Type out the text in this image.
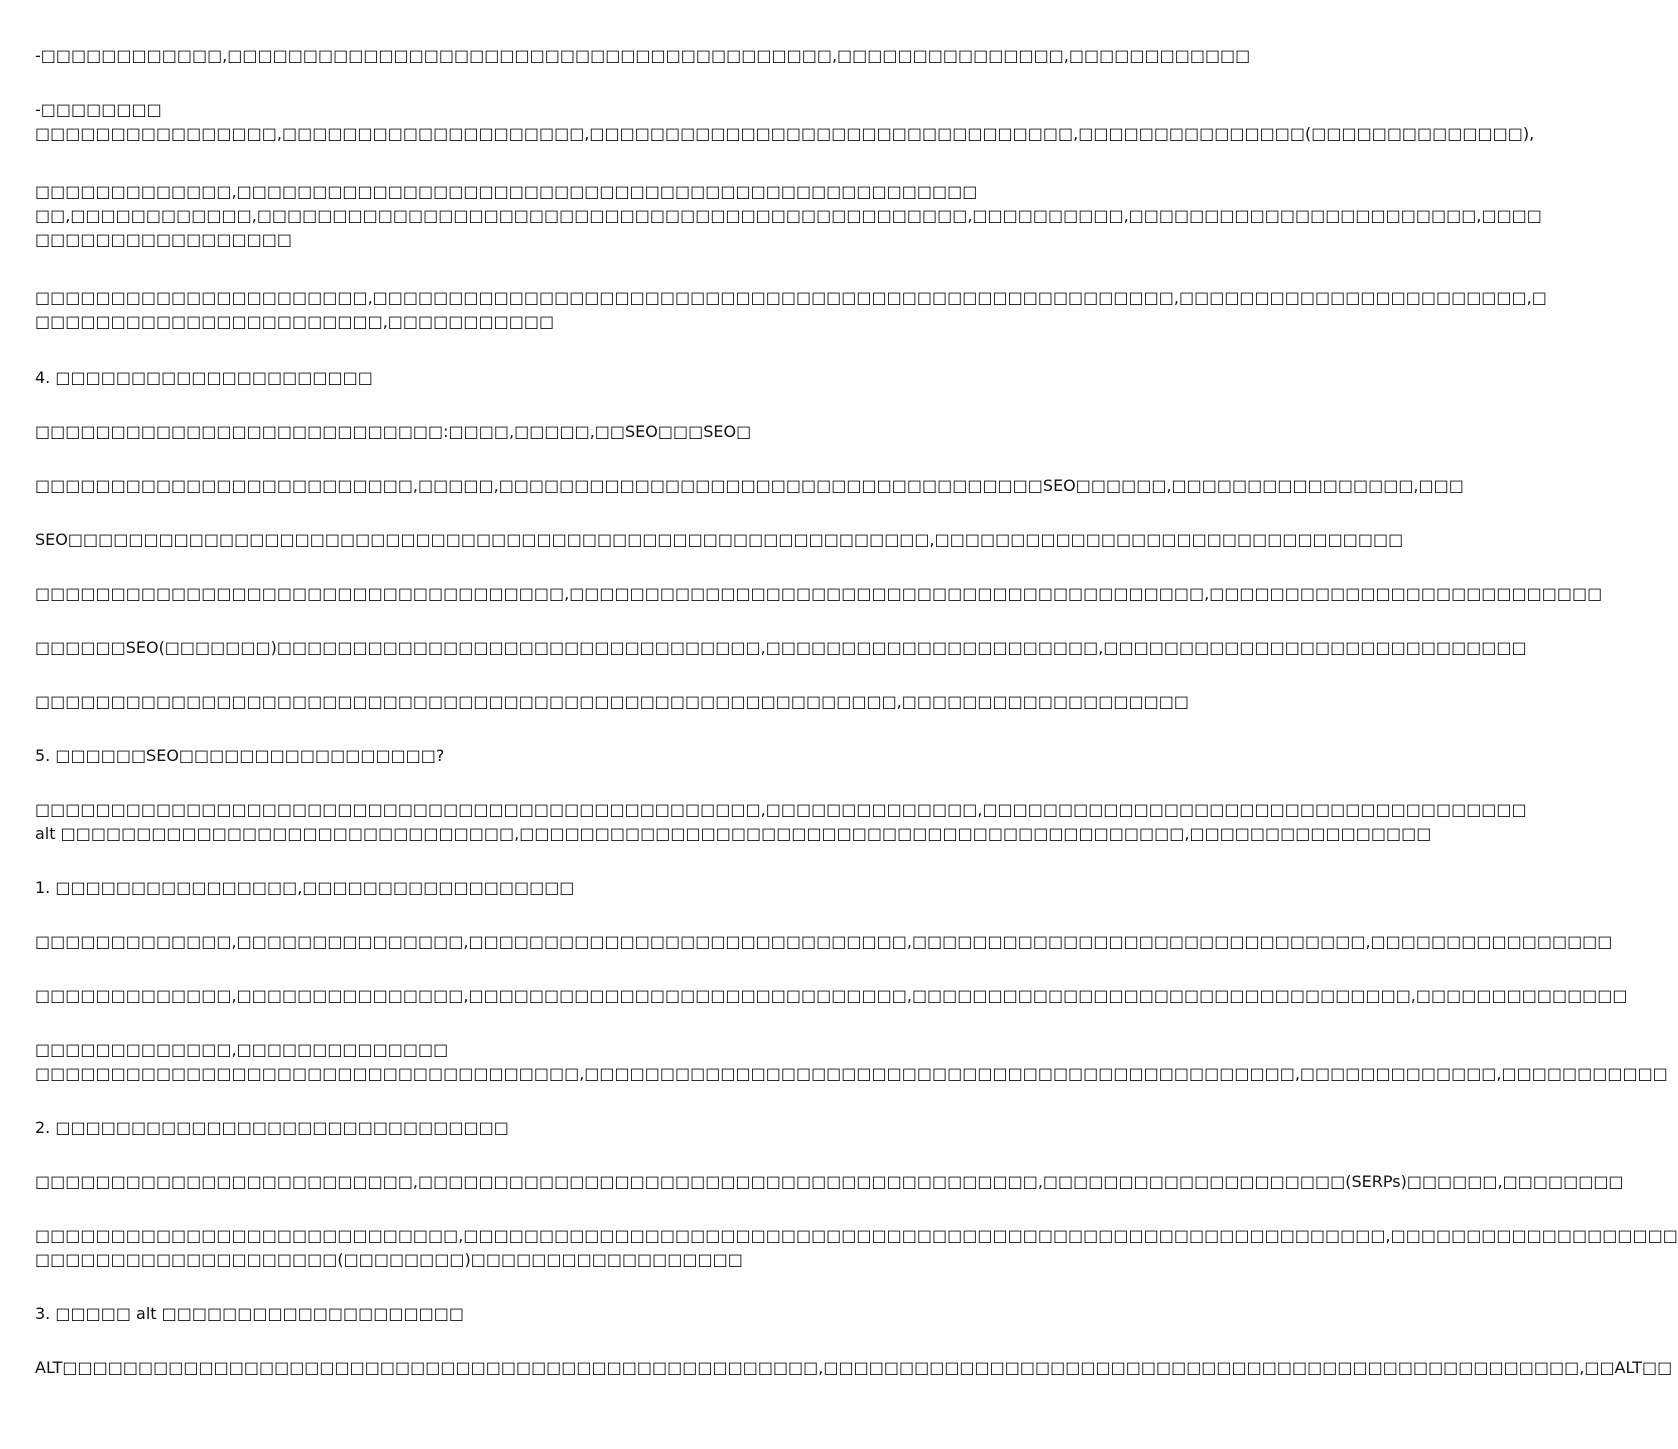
-□□□□□□□□□□□□,□□□□□□□□□□□□□□□□□□□□□□□□□□□□□□□□□□□□□□□□,□□□□□□□□□□□□□□□,□□□□□□□□□□□□
-□□□□□□□□
□□□□□□□□□□□□□□□□,□□□□□□□□□□□□□□□□□□□□,□□□□□□□□□□□□□□□□□□□□□□□□□□□□□□□□,□□□□□□□□□□□□□□□(□□□□□□□□□□□□□□),
□□□□□□□□□□□□□,□□□□□□□□□□□□□□□□□□□□□□□□□□□□□□□□□□□□□□□□□□□□□□□□□
□□,□□□□□□□□□□□□,□□□□□□□□□□□□□□□□□□□□□□□□□□□□□□□□□□□□□□□□□□□□□□□,□□□□□□□□□□,□□□□□□□□□□□□□□□□□□□□□□□,□□□□
□□□□□□□□□□□□□□□□□
□□□□□□□□□□□□□□□□□□□□□□,□□□□□□□□□□□□□□□□□□□□□□□□□□□□□□□□□□□□□□□□□□□□□□□□□□□□□,□□□□□□□□□□□□□□□□□□□□□□□,□
□□□□□□□□□□□□□□□□□□□□□□□,□□□□□□□□□□□
4. □□□□□□□□□□□□□□□□□□□□□
□□□□□□□□□□□□□□□□□□□□□□□□□□□:□□□□,□□□□□,□□SEO□□□SEO□
□□□□□□□□□□□□□□□□□□□□□□□□□,□□□□□,□□□□□□□□□□□□□□□□□□□□□□□□□□□□□□□□□□□□SEO□□□□□□,□□□□□□□□□□□□□□□□,□□□
SEO□□□□□□□□□□□□□□□□□□□□□□□□□□□□□□□□□□□□□□□□□□□□□□□□□□□□□□□□□,□□□□□□□□□□□□□□□□□□□□□□□□□□□□□□□
□□□□□□□□□□□□□□□□□□□□□□□□□□□□□□□□□□□,□□□□□□□□□□□□□□□□□□□□□□□□□□□□□□□□□□□□□□□□□□,□□□□□□□□□□□□□□□□□□□□□□□□□□
□□□□□□SEO(□□□□□□□)□□□□□□□□□□□□□□□□□□□□□□□□□□□□□□□□,□□□□□□□□□□□□□□□□□□□□□□,□□□□□□□□□□□□□□□□□□□□□□□□□□□□
□□□□□□□□□□□□□□□□□□□□□□□□□□□□□□□□□□□□□□□□□□□□□□□□□□□□□□□□□,□□□□□□□□□□□□□□□□□□□
5. □□□□□□SEO□□□□□□□□□□□□□□□□□?
□□□□□□□□□□□□□□□□□□□□□□□□□□□□□□□□□□□□□□□□□□□□□□□□,□□□□□□□□□□□□□□,□□□□□□□□□□□□□□□□□□□□□□□□□□□□□□□□□□□□
alt □□□□□□□□□□□□□□□□□□□□□□□□□□□□□□,□□□□□□□□□□□□□□□□□□□□□□□□□□□□□□□□□□□□□□□□□□□□,□□□□□□□□□□□□□□□□
1. □□□□□□□□□□□□□□□□,□□□□□□□□□□□□□□□□□□
□□□□□□□□□□□□□,□□□□□□□□□□□□□□□,□□□□□□□□□□□□□□□□□□□□□□□□□□□□□,□□□□□□□□□□□□□□□□□□□□□□□□□□□□□□,□□□□□□□□□□□□□□□□
□□□□□□□□□□□□□,□□□□□□□□□□□□□□□,□□□□□□□□□□□□□□□□□□□□□□□□□□□□□,□□□□□□□□□□□□□□□□□□□□□□□□□□□□□□□□□,□□□□□□□□□□□□□□
□□□□□□□□□□□□□,□□□□□□□□□□□□□□
□□□□□□□□□□□□□□□□□□□□□□□□□□□□□□□□□□□□,□□□□□□□□□□□□□□□□□□□□□□□□□□□□□□□□□□□□□□□□□□□□□□□,□□□□□□□□□□□□□,□□□□□□□□□□□
2. □□□□□□□□□□□□□□□□□□□□□□□□□□□□□□
□□□□□□□□□□□□□□□□□□□□□□□□□,□□□□□□□□□□□□□□□□□□□□□□□□□□□□□□□□□□□□□□□□□,□□□□□□□□□□□□□□□□□□□□(SERPs)□□□□□□,□□□□□□□□
□□□□□□□□□□□□□□□□□□□□□□□□□□□□,□□□□□□□□□□□□□□□□□□□□□□□□□□□□□□□□□□□□□□□□□□□□□□□□□□□□□□□□□□□□□,□□□□□□□□□□□□□□□□□□□
□□□□□□□□□□□□□□□□□□□□(□□□□□□□□)□□□□□□□□□□□□□□□□□□
3. □□□□□ alt □□□□□□□□□□□□□□□□□□□□
ALT□□□□□□□□□□□□□□□□□□□□□□□□□□□□□□□□□□□□□□□□□□□□□□□□□□,□□□□□□□□□□□□□□□□□□□□□□□□□□□□□□□□□□□□□□□□□□□□□□□□□□,□□ALT□□
